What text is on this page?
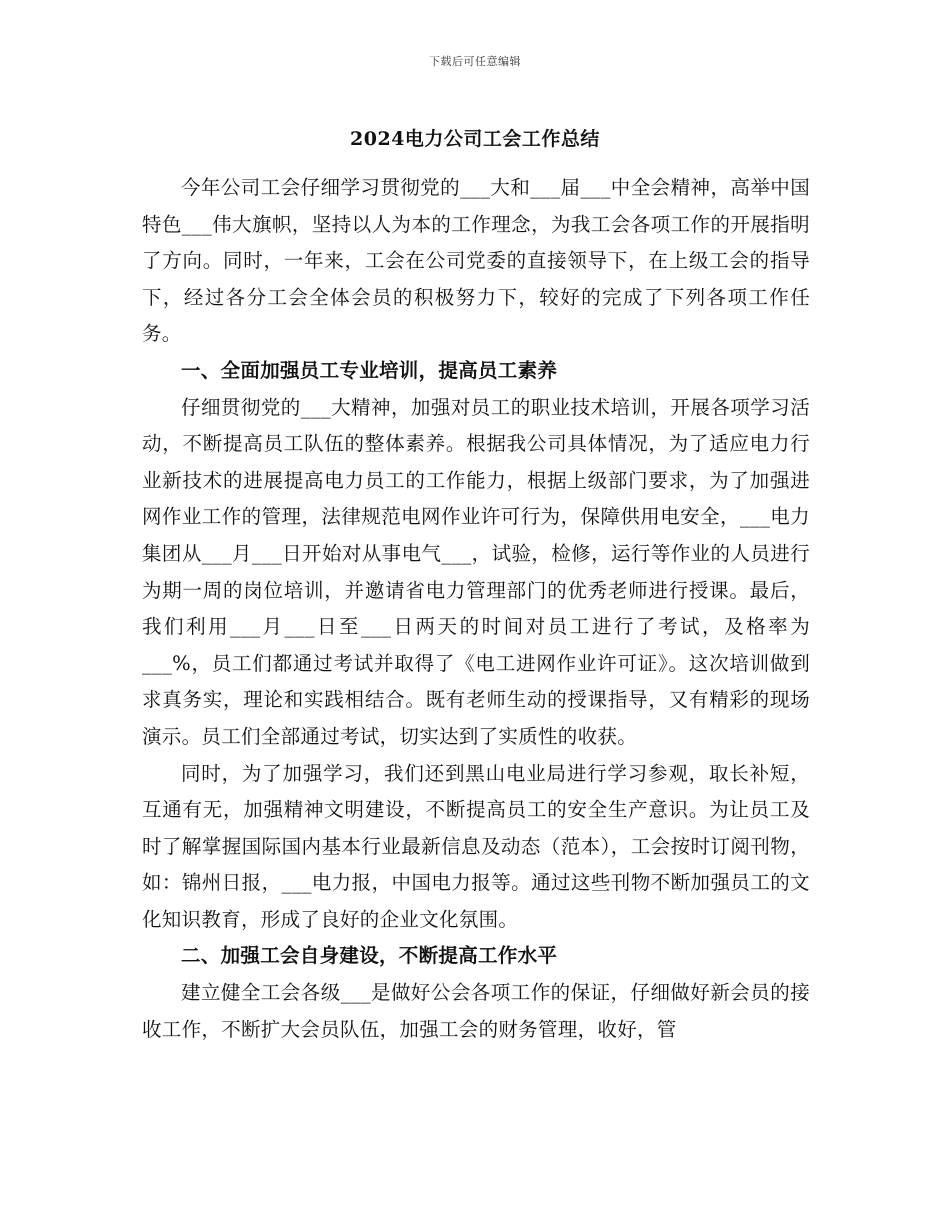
下载后可任意编辑
2024电力公司工会工作总结

今年公司工会仔细学习贯彻党的___大和___届___中全会精神，高举中国特色___伟大旗帜，坚持以人为本的工作理念，为我工会各项工作的开展指明了方向。同时，一年来，工会在公司党委的直接领导下，在上级工会的指导下，经过各分工会全体会员的积极努力下，较好的完成了下列各项工作任务。

一、全面加强员工专业培训，提高员工素养

仔细贯彻党的___大精神，加强对员工的职业技术培训，开展各项学习活动，不断提高员工队伍的整体素养。根据我公司具体情况，为了适应电力行业新技术的进展提高电力员工的工作能力，根据上级部门要求，为了加强进网作业工作的管理，法律规范电网作业许可行为，保障供用电安全，___电力集团从___月___日开始对从事电气___，试验，检修，运行等作业的人员进行为期一周的岗位培训，并邀请省电力管理部门的优秀老师进行授课。最后，我们利用___月___日至___日两天的时间对员工进行了考试，及格率为___%，员工们都通过考试并取得了《电工进网作业许可证》。这次培训做到求真务实，理论和实践相结合。既有老师生动的授课指导，又有精彩的现场演示。员工们全部通过考试，切实达到了实质性的收获。

同时，为了加强学习，我们还到黑山电业局进行学习参观，取长补短，互通有无，加强精神文明建设，不断提高员工的安全生产意识。为让员工及时了解掌握国际国内基本行业最新信息及动态（范本），工会按时订阅刊物，如：锦州日报，___电力报，中国电力报等。通过这些刊物不断加强员工的文化知识教育，形成了良好的企业文化氛围。

二、加强工会自身建设，不断提高工作水平

建立健全工会各级___是做好公会各项工作的保证，仔细做好新会员的接收工作，不断扩大会员队伍，加强工会的财务管理，收好，管
